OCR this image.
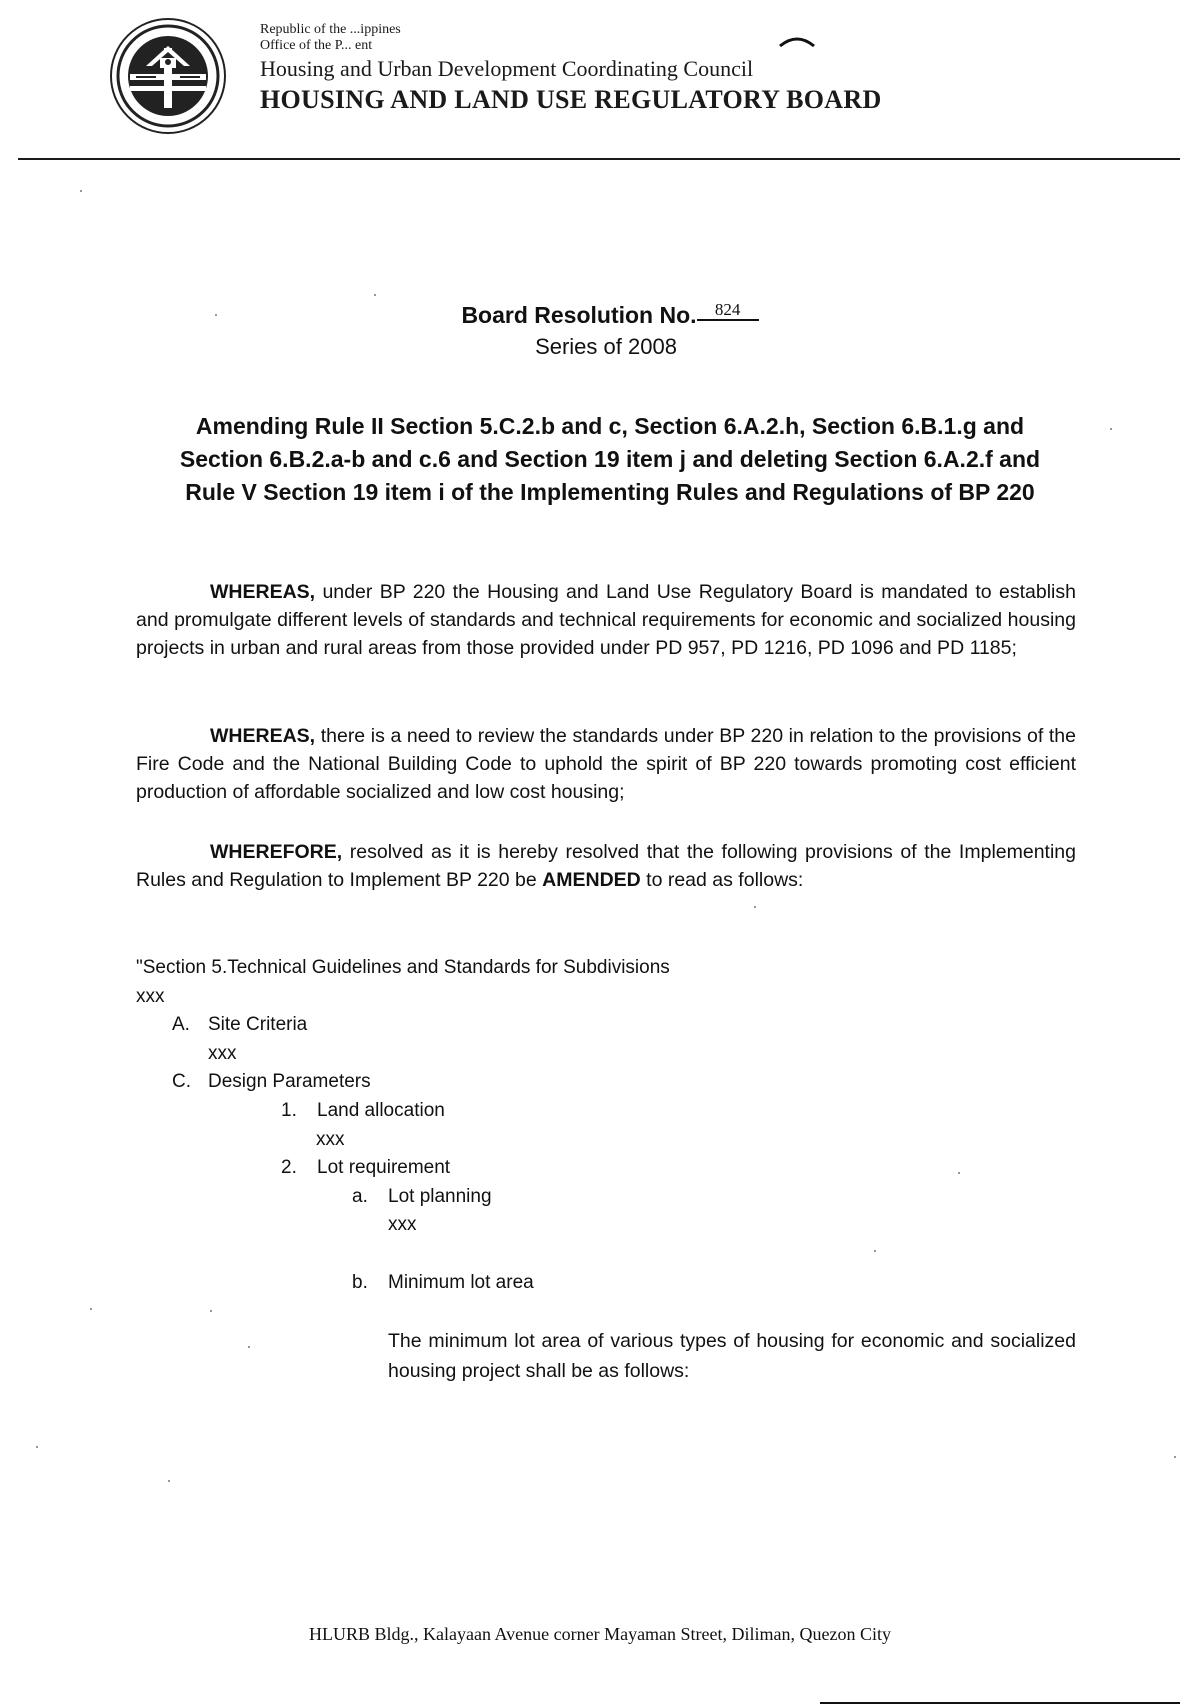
Republic of the ...ippines
Office of the P... ent
Housing and Urban Development Coordinating Council
HOUSING AND LAND USE REGULATORY BOARD
Board Resolution No. 824
Series of 2008
Amending Rule II Section 5.C.2.b and c, Section 6.A.2.h, Section 6.B.1.g and
Section 6.B.2.a-b and c.6 and Section 19 item j and deleting Section 6.A.2.f and
Rule V Section 19 item i of the Implementing Rules and Regulations of BP 220
WHEREAS, under BP 220 the Housing and Land Use Regulatory Board is mandated to establish and promulgate different levels of standards and technical requirements for economic and socialized housing projects in urban and rural areas from those provided under PD 957, PD 1216, PD 1096 and PD 1185;
WHEREAS, there is a need to review the standards under BP 220 in relation to the provisions of the Fire Code and the National Building Code to uphold the spirit of BP 220 towards promoting cost efficient production of affordable socialized and low cost housing;
WHEREFORE, resolved as it is hereby resolved that the following provisions of the Implementing Rules and Regulation to Implement BP 220 be AMENDED to read as follows:
"Section 5.Technical Guidelines and Standards for Subdivisions
xxx
A. Site Criteria
xxx
C. Design Parameters
1. Land allocation
xxx
2. Lot requirement
a. Lot planning
xxx
b. Minimum lot area
The minimum lot area of various types of housing for economic and socialized housing project shall be as follows:
HLURB Bldg., Kalayaan Avenue corner Mayaman Street, Diliman, Quezon City
